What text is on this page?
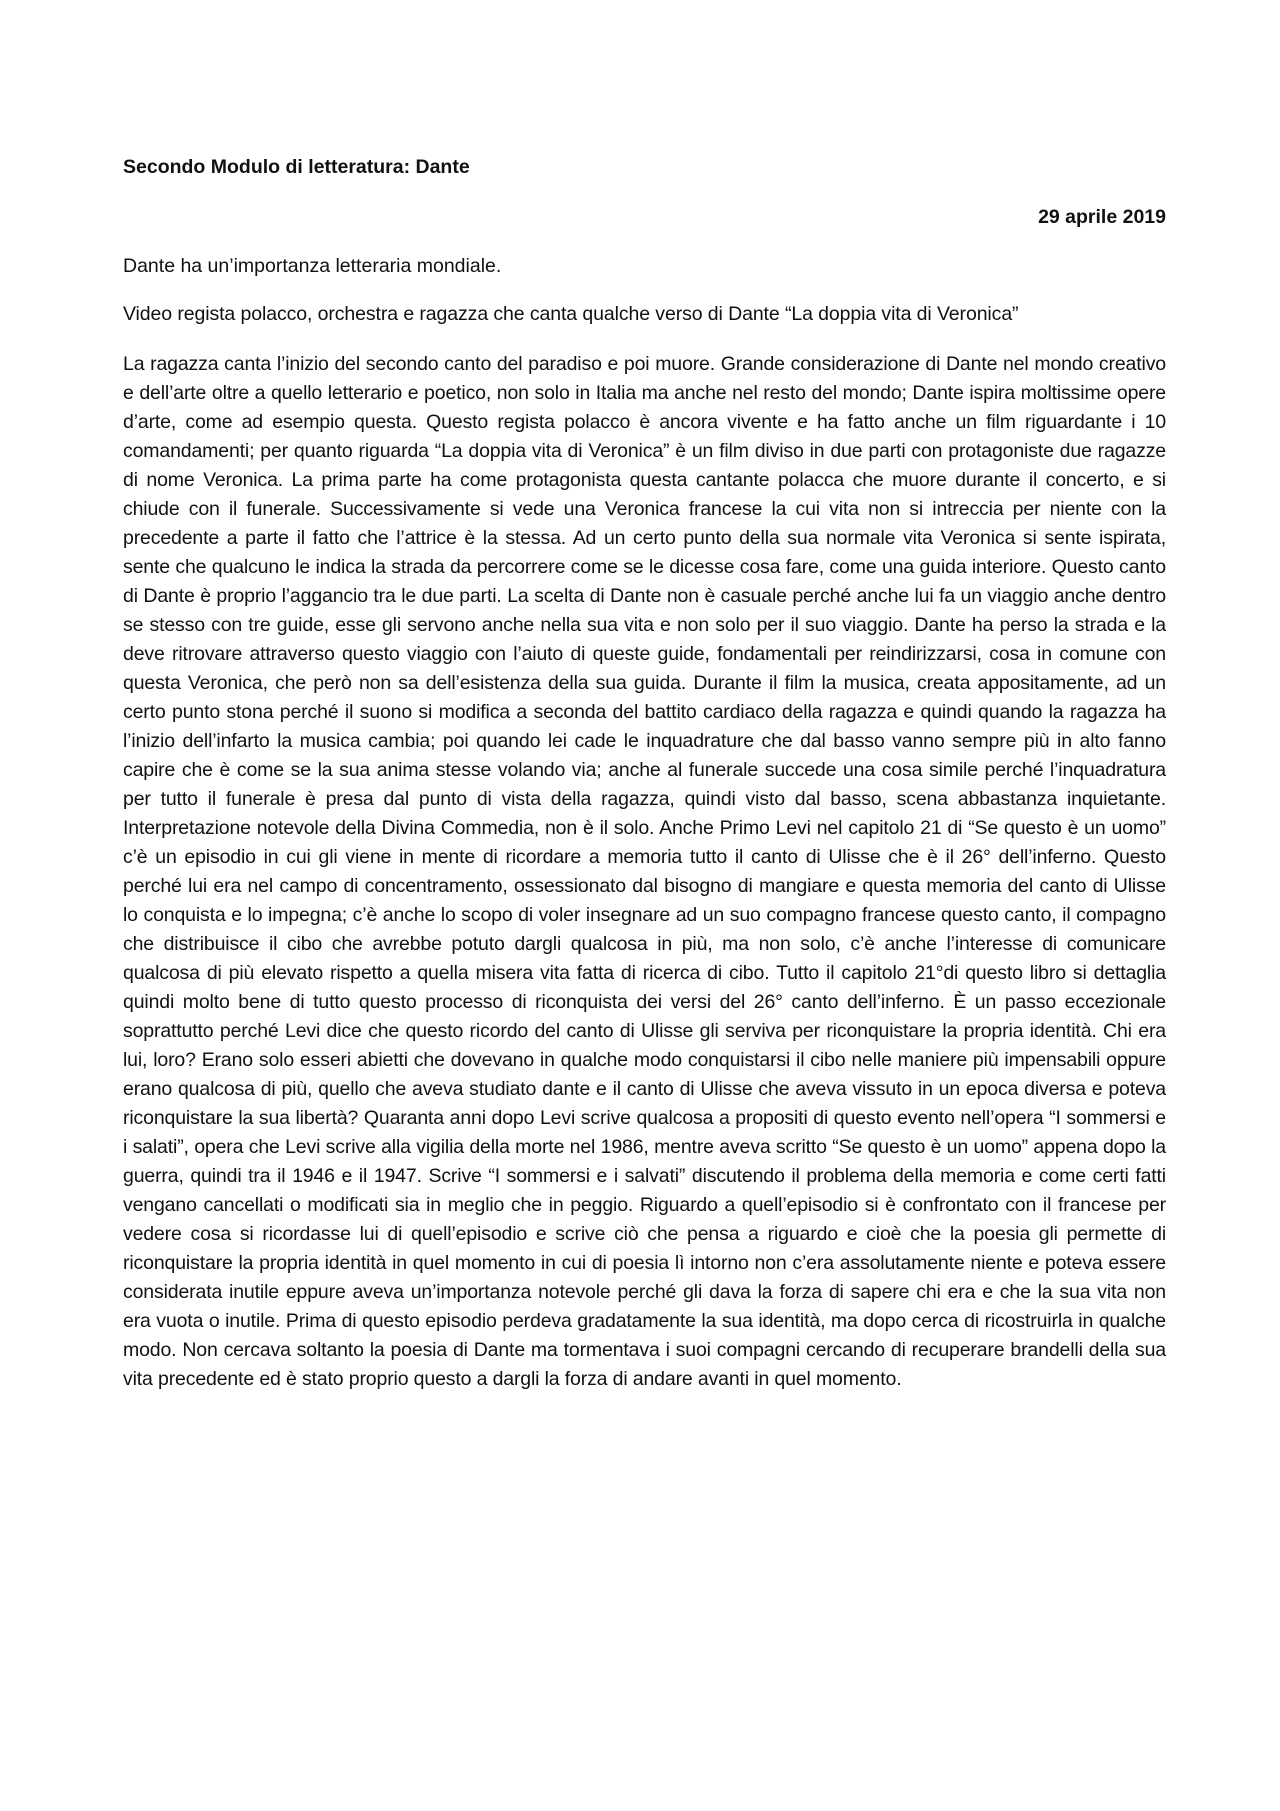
Secondo Modulo di letteratura: Dante
29 aprile 2019
Dante ha un’importanza letteraria mondiale.
Video regista polacco, orchestra e ragazza che canta qualche verso di Dante “La doppia vita di Veronica”

La ragazza canta l’inizio del secondo canto del paradiso e poi muore. Grande considerazione di Dante nel mondo creativo e dell’arte oltre a quello letterario e poetico, non solo in Italia ma anche nel resto del mondo; Dante ispira moltissime opere d’arte, come ad esempio questa. Questo regista polacco è ancora vivente e ha fatto anche un film riguardante i 10 comandamenti; per quanto riguarda “La doppia vita di Veronica” è un film diviso in due parti con protagoniste due ragazze di nome Veronica. La prima parte ha come protagonista questa cantante polacca che muore durante il concerto, e si chiude con il funerale. Successivamente si vede una Veronica francese la cui vita non si intreccia per niente con la precedente a parte il fatto che l’attrice è la stessa. Ad un certo punto della sua normale vita Veronica si sente ispirata, sente che qualcuno le indica la strada da percorrere come se le dicesse cosa fare, come una guida interiore. Questo canto di Dante è proprio l’aggancio tra le due parti. La scelta di Dante non è casuale perché anche lui fa un viaggio anche dentro se stesso con tre guide, esse gli servono anche nella sua vita e non solo per il suo viaggio. Dante ha perso la strada e la deve ritrovare attraverso questo viaggio con l’aiuto di queste guide, fondamentali per reindirizzarsi, cosa in comune con questa Veronica, che però non sa dell’esistenza della sua guida. Durante il film la musica, creata appositamente, ad un certo punto stona perché il suono si modifica a seconda del battito cardiaco della ragazza e quindi quando la ragazza ha l’inizio dell’infarto la musica cambia; poi quando lei cade le inquadrature che dal basso vanno sempre più in alto fanno capire che è come se la sua anima stesse volando via; anche al funerale succede una cosa simile perché l’inquadratura per tutto il funerale è presa dal punto di vista della ragazza, quindi visto dal basso, scena abbastanza inquietante. Interpretazione notevole della Divina Commedia, non è il solo. Anche Primo Levi nel capitolo 21 di “Se questo è un uomo” c’è un episodio in cui gli viene in mente di ricordare a memoria tutto il canto di Ulisse che è il 26° dell’inferno. Questo perché lui era nel campo di concentramento, ossessionato dal bisogno di mangiare e questa memoria del canto di Ulisse lo conquista e lo impegna; c’è anche lo scopo di voler insegnare ad un suo compagno francese questo canto, il compagno che distribuisce il cibo che avrebbe potuto dargli qualcosa in più, ma non solo, c’è anche l’interesse di comunicare qualcosa di più elevato rispetto a quella misera vita fatta di ricerca di cibo. Tutto il capitolo 21°di questo libro si dettaglia quindi molto bene di tutto questo processo di riconquista dei versi del 26° canto dell’inferno. È un passo eccezionale soprattutto perché Levi dice che questo ricordo del canto di Ulisse gli serviva per riconquistare la propria identità. Chi era lui, loro? Erano solo esseri abietti che dovevano in qualche modo conquistarsi il cibo nelle maniere più impensabili oppure erano qualcosa di più, quello che aveva studiato dante e il canto di Ulisse che aveva vissuto in un epoca diversa e poteva riconquistare la sua libertà? Quaranta anni dopo Levi scrive qualcosa a propositi di questo evento nell’opera “I sommersi e i salati”, opera che Levi scrive alla vigilia della morte nel 1986, mentre aveva scritto “Se questo è un uomo” appena dopo la guerra, quindi tra il 1946 e il 1947. Scrive “I sommersi e i salvati” discutendo il problema della memoria e come certi fatti vengano cancellati o modificati sia in meglio che in peggio. Riguardo a quell’episodio si è confrontato con il francese per vedere cosa si ricordasse lui di quell’episodio e scrive ciò che pensa a riguardo e cioè che la poesia gli permette di riconquistare la propria identità in quel momento in cui di poesia lì intorno non c’era assolutamente niente e poteva essere considerata inutile eppure aveva un’importanza notevole perché gli dava la forza di sapere chi era e che la sua vita non era vuota o inutile. Prima di questo episodio perdeva gradatamente la sua identità, ma dopo cerca di ricostruirla in qualche modo. Non cercava soltanto la poesia di Dante ma tormentava i suoi compagni cercando di recuperare brandelli della sua vita precedente ed è stato proprio questo a dargli la forza di andare avanti in quel momento.
